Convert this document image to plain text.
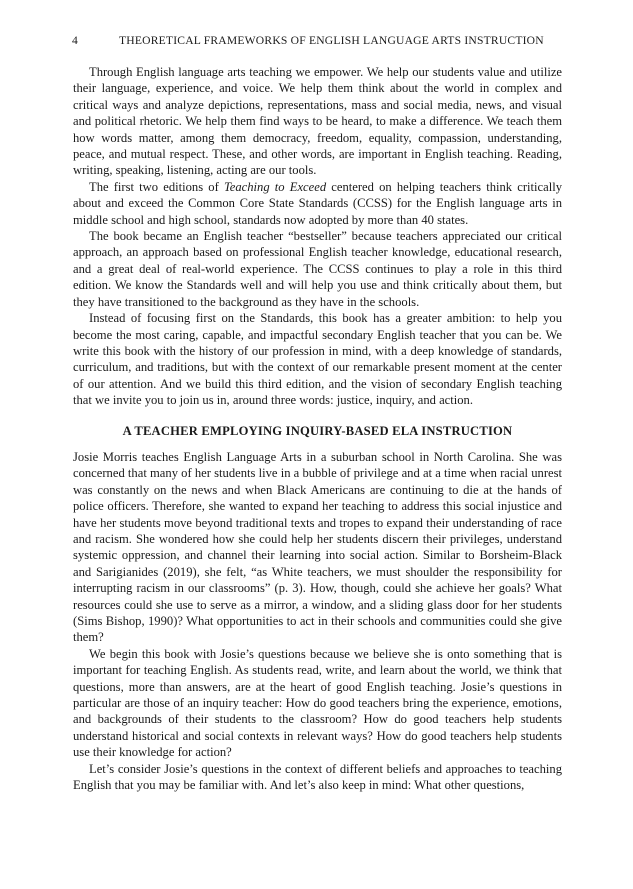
4	THEORETICAL FRAMEWORKS OF ENGLISH LANGUAGE ARTS INSTRUCTION

Through English language arts teaching we empower. We help our students value and utilize their language, experience, and voice. We help them think about the world in complex and critical ways and analyze depictions, representations, mass and social media, news, and visual and political rhetoric. We help them find ways to be heard, to make a difference. We teach them how words matter, among them democracy, freedom, equality, compassion, understanding, peace, and mutual respect. These, and other words, are important in English teaching. Reading, writing, speaking, listening, acting are our tools.

The first two editions of Teaching to Exceed centered on helping teachers think critically about and exceed the Common Core State Standards (CCSS) for the English language arts in middle school and high school, standards now adopted by more than 40 states.

The book became an English teacher “bestseller” because teachers appreciated our critical approach, an approach based on professional English teacher knowledge, educational research, and a great deal of real-world experience. The CCSS continues to play a role in this third edition. We know the Standards well and will help you use and think critically about them, but they have transitioned to the background as they have in the schools.

Instead of focusing first on the Standards, this book has a greater ambition: to help you become the most caring, capable, and impactful secondary English teacher that you can be. We write this book with the history of our profession in mind, with a deep knowledge of standards, curriculum, and traditions, but with the context of our remarkable present moment at the center of our attention. And we build this third edition, and the vision of secondary English teaching that we invite you to join us in, around three words: justice, inquiry, and action.

A TEACHER EMPLOYING INQUIRY-BASED ELA INSTRUCTION

Josie Morris teaches English Language Arts in a suburban school in North Carolina. She was concerned that many of her students live in a bubble of privilege and at a time when racial unrest was constantly on the news and when Black Americans are continuing to die at the hands of police officers. Therefore, she wanted to expand her teaching to address this social injustice and have her students move beyond traditional texts and tropes to expand their understanding of race and racism. She wondered how she could help her students discern their privileges, understand systemic oppression, and channel their learning into social action. Similar to Borsheim-Black and Sarigianides (2019), she felt, “as White teachers, we must shoulder the responsibility for interrupting racism in our classrooms” (p. 3). How, though, could she achieve her goals? What resources could she use to serve as a mirror, a window, and a sliding glass door for her students (Sims Bishop, 1990)? What opportunities to act in their schools and communities could she give them?

We begin this book with Josie’s questions because we believe she is onto something that is important for teaching English. As students read, write, and learn about the world, we think that questions, more than answers, are at the heart of good English teaching. Josie’s questions in particular are those of an inquiry teacher: How do good teachers bring the experience, emotions, and backgrounds of their students to the classroom? How do good teachers help students understand historical and social contexts in relevant ways? How do good teachers help students use their knowledge for action?

Let’s consider Josie’s questions in the context of different beliefs and approaches to teaching English that you may be familiar with. And let’s also keep in mind: What other questions,
